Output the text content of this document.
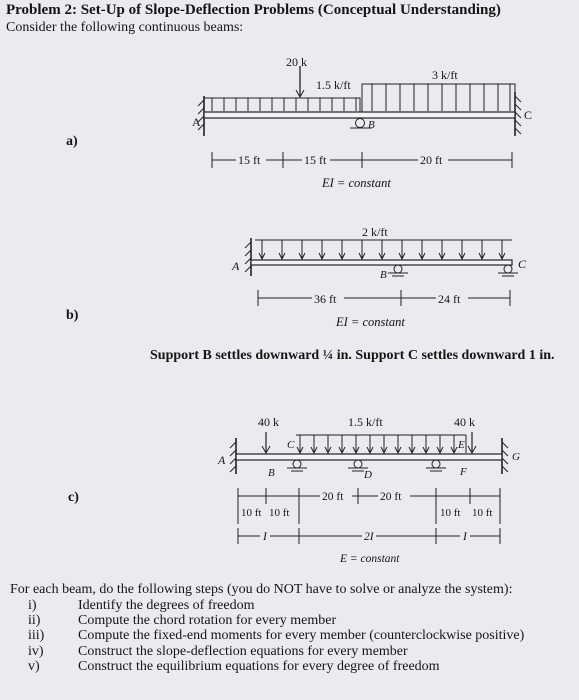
Problem 2: Set-Up of Slope-Deflection Problems (Conceptual Understanding)
Consider the following continuous beams:
a)
20 k
1.5 k/ft
3 k/ft
A	B
C
15 ft	15 ft	20 ft
EI = constant
b)
2 k/ft
A
B
C
36 ft	24 ft
EI = constant
Support B settles downward ¼ in. Support C settles downward 1 in.
c)
40 k	1.5 k/ft	40 k
A
B
C
D
E
F
G
20 ft	20 ft
10 ft 10 ft	10 ft 10 ft
I	2I	I
E = constant
For each beam, do the following steps (you do NOT have to solve or analyze the system):
i)	Identify the degrees of freedom
ii)	Compute the chord rotation for every member
iii)	Compute the fixed-end moments for every member (counterclockwise positive)
iv)	Construct the slope-deflection equations for every member
v)	Construct the equilibrium equations for every degree of freedom
